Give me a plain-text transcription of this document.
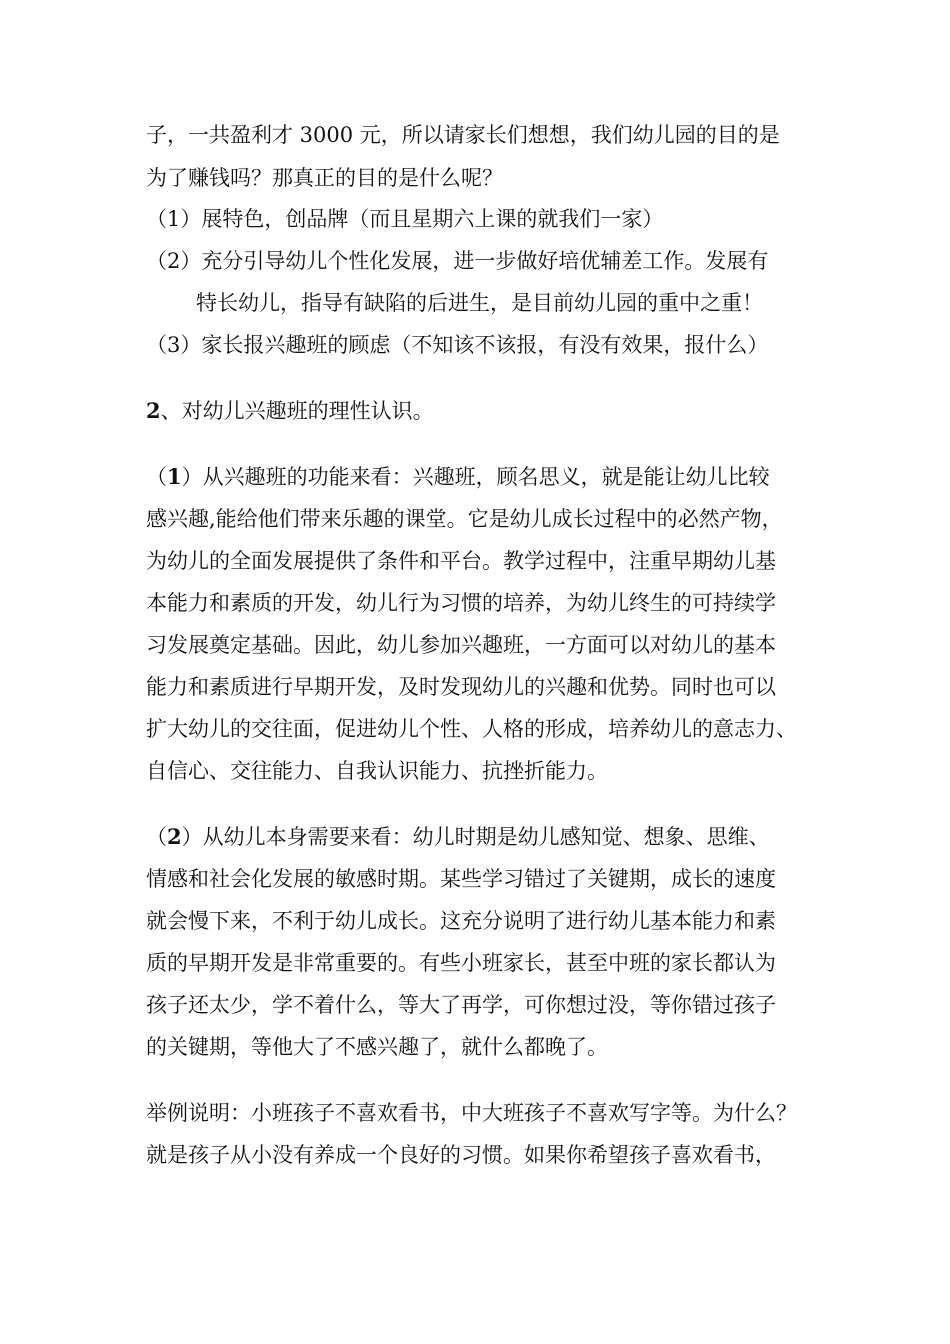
子，一共盈利才 3000 元，所以请家长们想想，我们幼儿园的目的是
为了赚钱吗？那真正的目的是什么呢？
（1）展特色，创品牌（而且星期六上课的就我们一家）
（2）充分引导幼儿个性化发展，进一步做好培优辅差工作。发展有
特长幼儿，指导有缺陷的后进生，是目前幼儿园的重中之重！
（3）家长报兴趣班的顾虑（不知该不该报，有没有效果，报什么）
2、对幼儿兴趣班的理性认识。
（1）从兴趣班的功能来看：兴趣班，顾名思义，就是能让幼儿比较
感兴趣,能给他们带来乐趣的课堂。它是幼儿成长过程中的必然产物，
为幼儿的全面发展提供了条件和平台。教学过程中，注重早期幼儿基
本能力和素质的开发，幼儿行为习惯的培养，为幼儿终生的可持续学
习发展奠定基础。因此，幼儿参加兴趣班，一方面可以对幼儿的基本
能力和素质进行早期开发，及时发现幼儿的兴趣和优势。同时也可以
扩大幼儿的交往面，促进幼儿个性、人格的形成，培养幼儿的意志力、
自信心、交往能力、自我认识能力、抗挫折能力。
（2）从幼儿本身需要来看：幼儿时期是幼儿感知觉、想象、思维、
情感和社会化发展的敏感时期。某些学习错过了关键期，成长的速度
就会慢下来，不利于幼儿成长。这充分说明了进行幼儿基本能力和素
质的早期开发是非常重要的。有些小班家长，甚至中班的家长都认为
孩子还太少，学不着什么，等大了再学，可你想过没，等你错过孩子
的关键期，等他大了不感兴趣了，就什么都晚了。
举例说明：小班孩子不喜欢看书，中大班孩子不喜欢写字等。为什么？
就是孩子从小没有养成一个良好的习惯。如果你希望孩子喜欢看书，
